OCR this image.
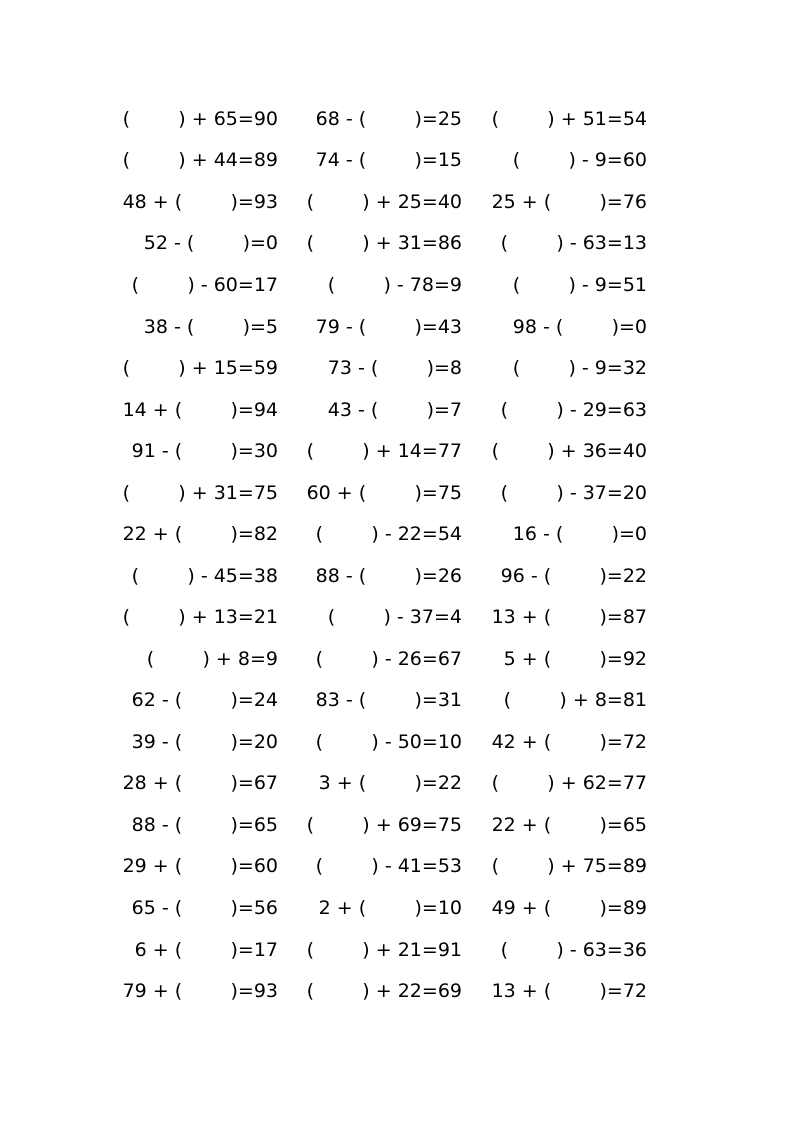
(        ) + 65=90	68 - (        )=25	(        ) + 51=54
(        ) + 44=89	74 - (        )=15	(        ) - 9=60
48 + (        )=93	(        ) + 25=40	25 + (        )=76
52 - (        )=0	(        ) + 31=86	(        ) - 63=13
(        ) - 60=17	(        ) - 78=9	(        ) - 9=51
38 - (        )=5	79 - (        )=43	98 - (        )=0
(        ) + 15=59	73 - (        )=8	(        ) - 9=32
14 + (        )=94	43 - (        )=7	(        ) - 29=63
91 - (        )=30	(        ) + 14=77	(        ) + 36=40
(        ) + 31=75	60 + (        )=75	(        ) - 37=20
22 + (        )=82	(        ) - 22=54	16 - (        )=0
(        ) - 45=38	88 - (        )=26	96 - (        )=22
(        ) + 13=21	(        ) - 37=4	13 + (        )=87
(        ) + 8=9	(        ) - 26=67	5 + (        )=92
62 - (        )=24	83 - (        )=31	(        ) + 8=81
39 - (        )=20	(        ) - 50=10	42 + (        )=72
28 + (        )=67	3 + (        )=22	(        ) + 62=77
88 - (        )=65	(        ) + 69=75	22 + (        )=65
29 + (        )=60	(        ) - 41=53	(        ) + 75=89
65 - (        )=56	2 + (        )=10	49 + (        )=89
6 + (        )=17	(        ) + 21=91	(        ) - 63=36
79 + (        )=93	(        ) + 22=69	13 + (        )=72
